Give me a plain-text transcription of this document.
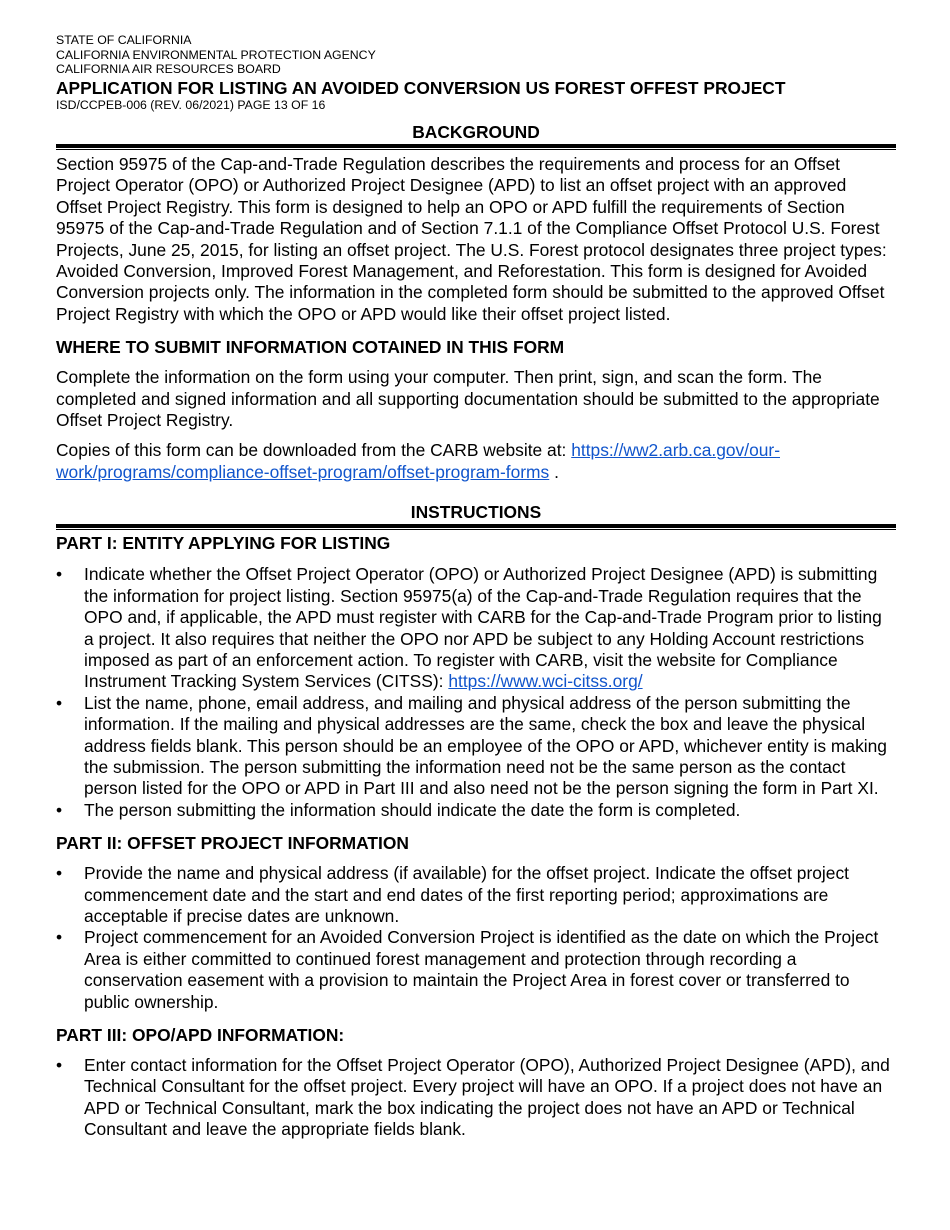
STATE OF CALIFORNIA
CALIFORNIA ENVIRONMENTAL PROTECTION AGENCY
CALIFORNIA AIR RESOURCES BOARD
APPLICATION FOR LISTING AN AVOIDED CONVERSION US FOREST OFFEST PROJECT
ISD/CCPEB-006 (REV. 06/2021) PAGE 13 OF 16
BACKGROUND

Section 95975 of the Cap-and-Trade Regulation describes the requirements and process for an Offset Project Operator (OPO) or Authorized Project Designee (APD) to list an offset project with an approved Offset Project Registry. This form is designed to help an OPO or APD fulfill the requirements of Section 95975 of the Cap-and-Trade Regulation and of Section 7.1.1 of the Compliance Offset Protocol U.S. Forest Projects, June 25, 2015, for listing an offset project. The U.S. Forest protocol designates three project types: Avoided Conversion, Improved Forest Management, and Reforestation. This form is designed for Avoided Conversion projects only. The information in the completed form should be submitted to the approved Offset Project Registry with which the OPO or APD would like their offset project listed.

WHERE TO SUBMIT INFORMATION COTAINED IN THIS FORM

Complete the information on the form using your computer. Then print, sign, and scan the form. The completed and signed information and all supporting documentation should be submitted to the appropriate Offset Project Registry.

Copies of this form can be downloaded from the CARB website at: https://ww2.arb.ca.gov/our-work/programs/compliance-offset-program/offset-program-forms .

INSTRUCTIONS
PART I: ENTITY APPLYING FOR LISTING
• Indicate whether the Offset Project Operator (OPO) or Authorized Project Designee (APD) is submitting the information for project listing. Section 95975(a) of the Cap-and-Trade Regulation requires that the OPO and, if applicable, the APD must register with CARB for the Cap-and-Trade Program prior to listing a project. It also requires that neither the OPO nor APD be subject to any Holding Account restrictions imposed as part of an enforcement action. To register with CARB, visit the website for Compliance Instrument Tracking System Services (CITSS): https://www.wci-citss.org/
• List the name, phone, email address, and mailing and physical address of the person submitting the information. If the mailing and physical addresses are the same, check the box and leave the physical address fields blank. This person should be an employee of the OPO or APD, whichever entity is making the submission. The person submitting the information need not be the same person as the contact person listed for the OPO or APD in Part III and also need not be the person signing the form in Part XI.
• The person submitting the information should indicate the date the form is completed.
PART II: OFFSET PROJECT INFORMATION
• Provide the name and physical address (if available) for the offset project. Indicate the offset project commencement date and the start and end dates of the first reporting period; approximations are acceptable if precise dates are unknown.
• Project commencement for an Avoided Conversion Project is identified as the date on which the Project Area is either committed to continued forest management and protection through recording a conservation easement with a provision to maintain the Project Area in forest cover or transferred to public ownership.
PART III: OPO/APD INFORMATION:
• Enter contact information for the Offset Project Operator (OPO), Authorized Project Designee (APD), and Technical Consultant for the offset project. Every project will have an OPO. If a project does not have an APD or Technical Consultant, mark the box indicating the project does not have an APD or Technical Consultant and leave the appropriate fields blank.
